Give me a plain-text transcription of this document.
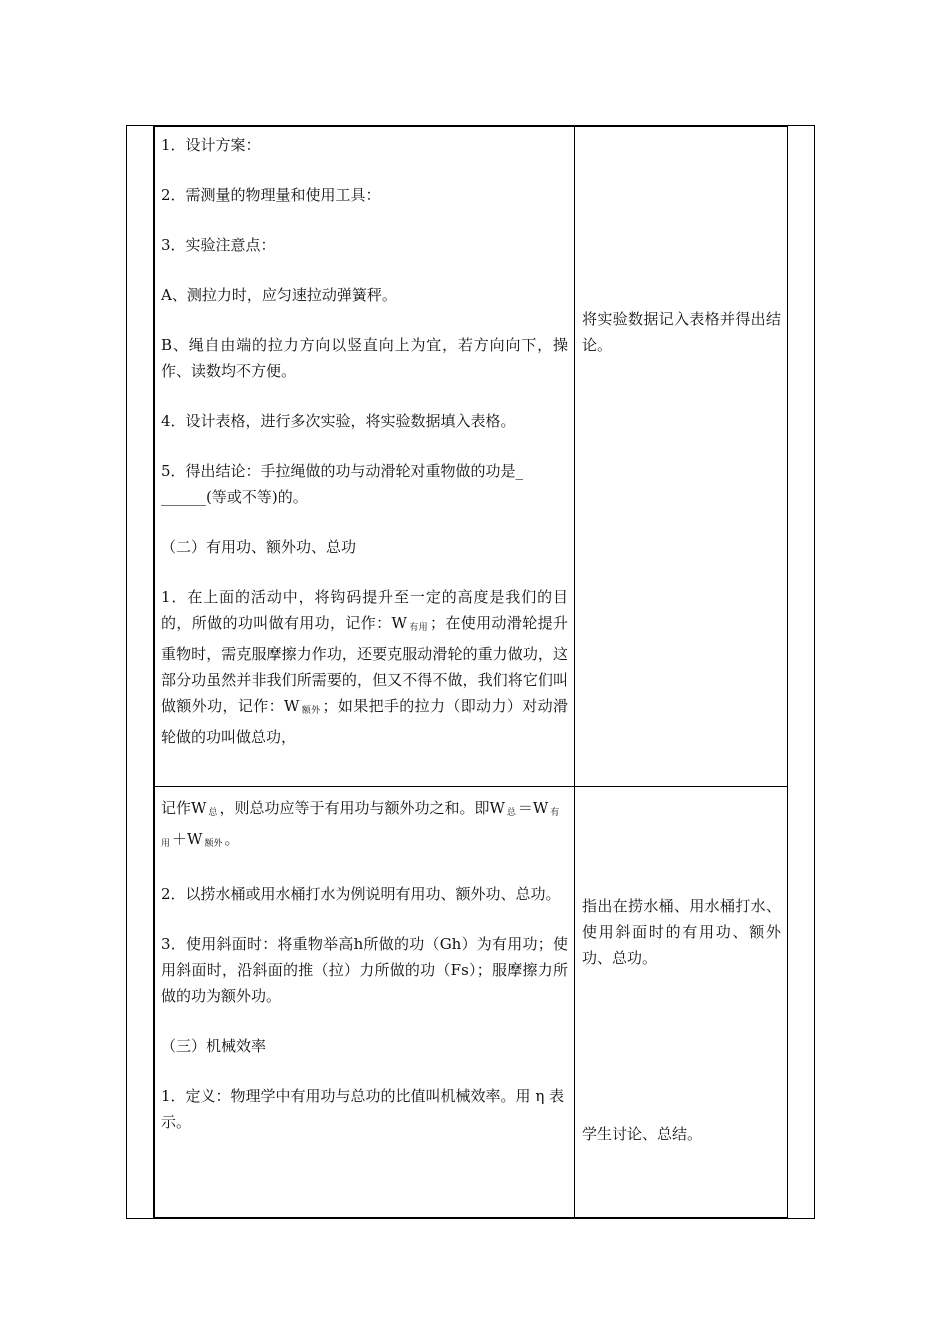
1．设计方案：

2．需测量的物理量和使用工具：

3．实验注意点：

A、测拉力时，应匀速拉动弹簧秤。

B、绳自由端的拉力方向以竖直向上为宜，若方向向下，操作、读数均不方便。

4．设计表格，进行多次实验，将实验数据填入表格。

5．得出结论：手拉绳做的功与动滑轮对重物做的功是_
______(等或不等)的。

（二）有用功、额外功、总功

1．在上面的活动中，将钩码提升至一定的高度是我们的目的，所做的功叫做有用功，记作：W $_{有用}$ ；在使用动滑轮提升重物时，需克服摩擦力作功，还要克服动滑轮的重力做功，这部分功虽然并非我们所需要的，但又不得不做，我们将它们叫做额外功，记作：W $_{额外}$ ；如果把手的拉力（即动力）对动滑轮做的功叫做总功，

将实验数据记入表格并得出结论。

记作W $_总$ ，则总功应等于有用功与额外功之和。即W $_总$ ＝W $_{有用}$ ＋W $_{额外}$ 。

2．以捞水桶或用水桶打水为例说明有用功、额外功、总功。

3．使用斜面时：将重物举高h所做的功（Gh）为有用功；使用斜面时，沿斜面的推（拉）力所做的功（Fs）；服摩擦力所做的功为额外功。

（三）机械效率

1．定义：物理学中有用功与总功的比值叫机械效率。用 η 表示。

指出在捞水桶、用水桶打水、使用斜面时的有用功、额外功、总功。

学生讨论、总结。
